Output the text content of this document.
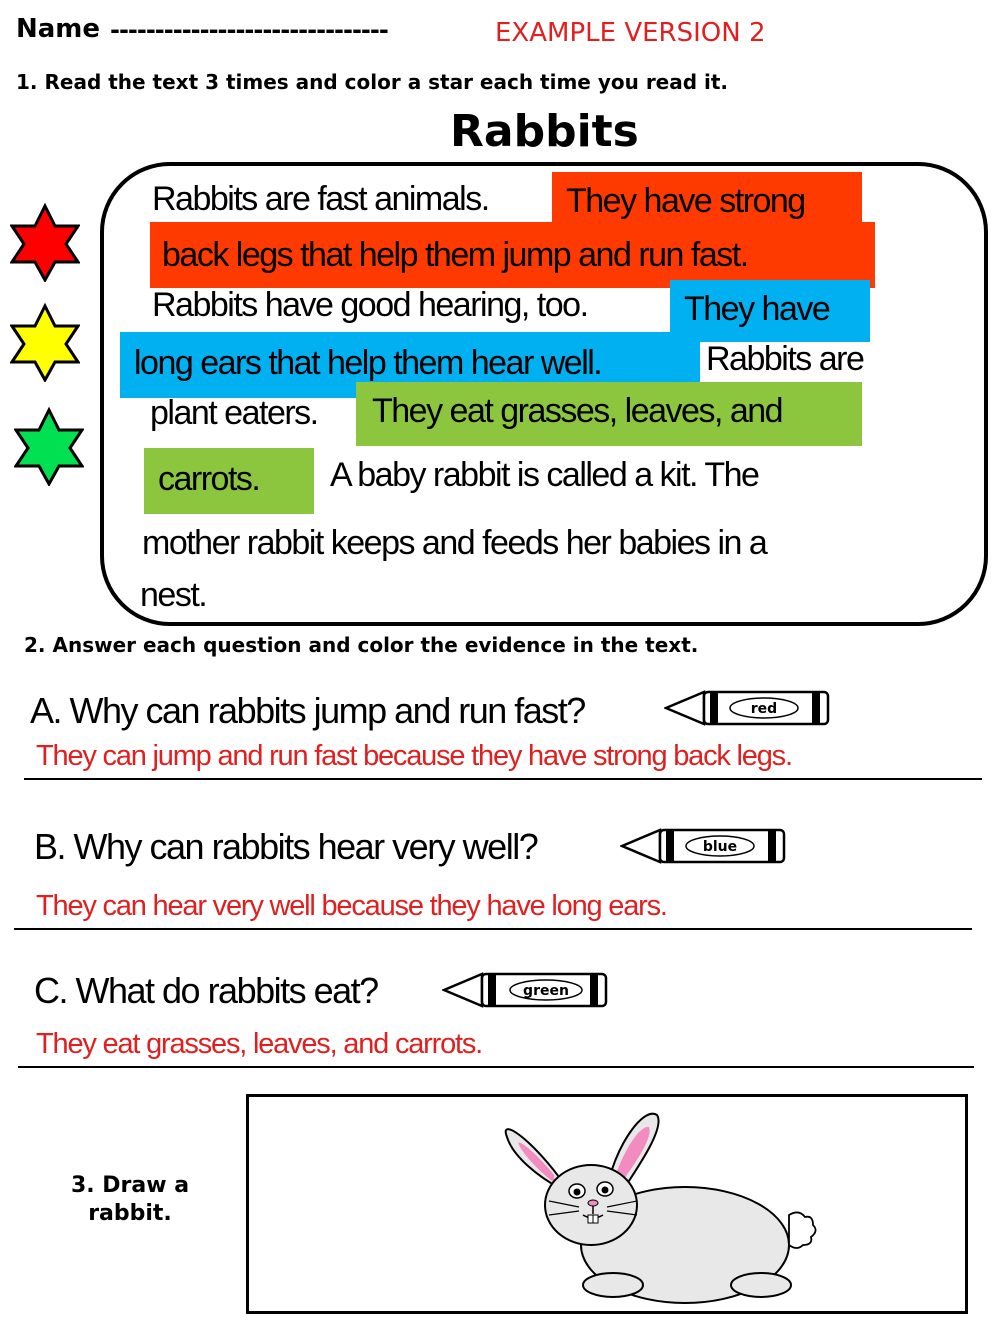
Name -------------------------------	EXAMPLE VERSION 2
1. Read the text 3 times and color a star each time you read it.
Rabbits
Rabbits are fast animals. They have strong
back legs that help them jump and run fast.
Rabbits have good hearing, too.	They have
long ears that help them hear well.	Rabbits are
plant eaters. They eat grasses, leaves, and
carrots. A baby rabbit is called a kit. The
mother rabbit keeps and feeds her babies in a
nest.
2. Answer each question and color the evidence in the text.
A. Why can rabbits jump and run fast?	red
They can jump and run fast because they have strong back legs.
B. Why can rabbits hear very well?	blue
They can hear very well because they have long ears.
C. What do rabbits eat?	green
They eat grasses, leaves, and carrots.
3. Draw a rabbit.
